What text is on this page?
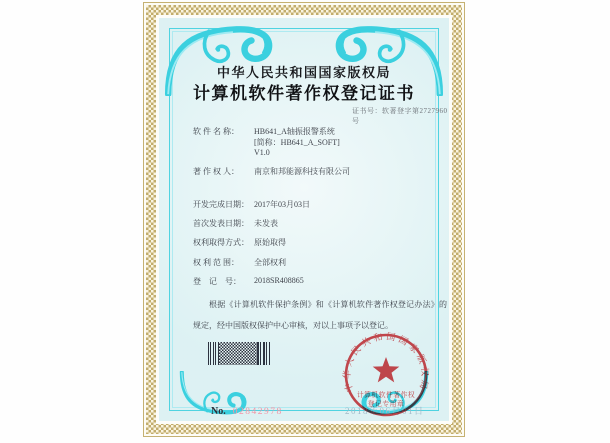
中华人民共和国国家版权局
计算机软件著作权登记证书
证书号：软著登字第2727960号

软 件 名 称：

	HB641_A轴振报警系统

[简称：HB641_A_SOFT]

V1.0

著 作 权 人：

	南京和邦能源科技有限公司

开发完成日期：

2017年03月03日

首次发表日期：

未发表

权利取得方式：

原始取得

权 利 范 围：

	全部权利

登　记　号：

	2018SR408865

根据《计算机软件保护条例》和《计算机软件著作权登记办法》的规定，经中国版权保护中心审核，对以上事项予以登记。
2018年06月01日
中华人民共和国国家版权局
计算机软件著作权
登记专用章
No. 02842978
